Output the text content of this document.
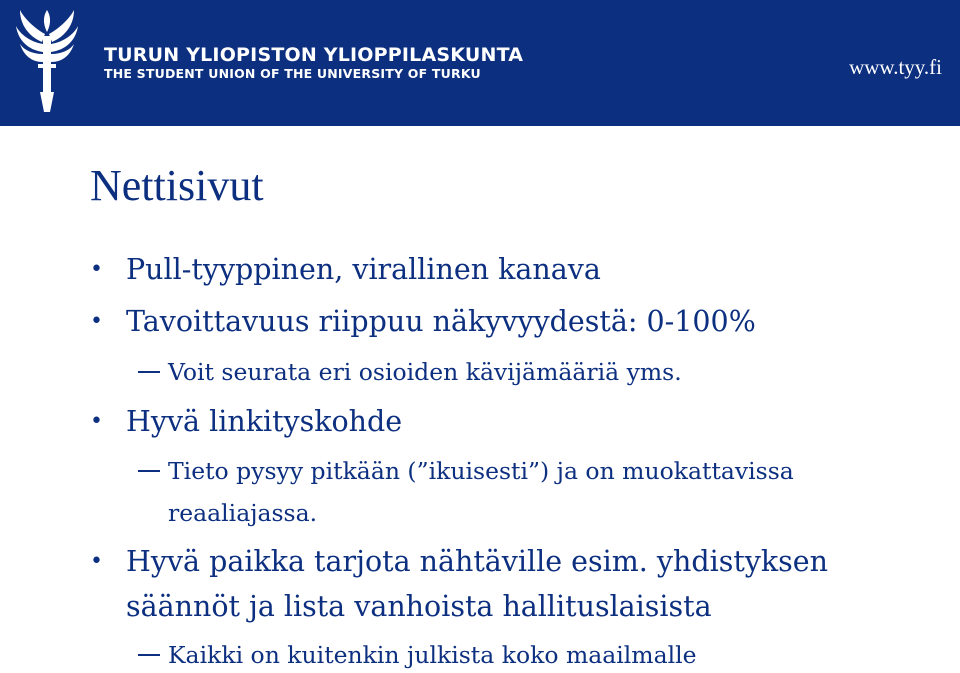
TURUN YLIOPISTON YLIOPPILASKUNTA
THE STUDENT UNION OF THE UNIVERSITY OF TURKU	www.tyy.fi
Nettisivut
• Pull-tyyppinen, virallinen kanava
• Tavoittavuus riippuu näkyvyydestä: 0-100%
Voit seurata eri osioiden kävijämääriä yms.
• Hyvä linkityskohde
Tieto pysyy pitkään (”ikuisesti”) ja on muokattavissa
reaaliajassa.
• Hyvä paikka tarjota nähtäville esim. yhdistyksen
säännöt ja lista vanhoista hallituslaisista
Kaikki on kuitenkin julkista koko maailmalle
